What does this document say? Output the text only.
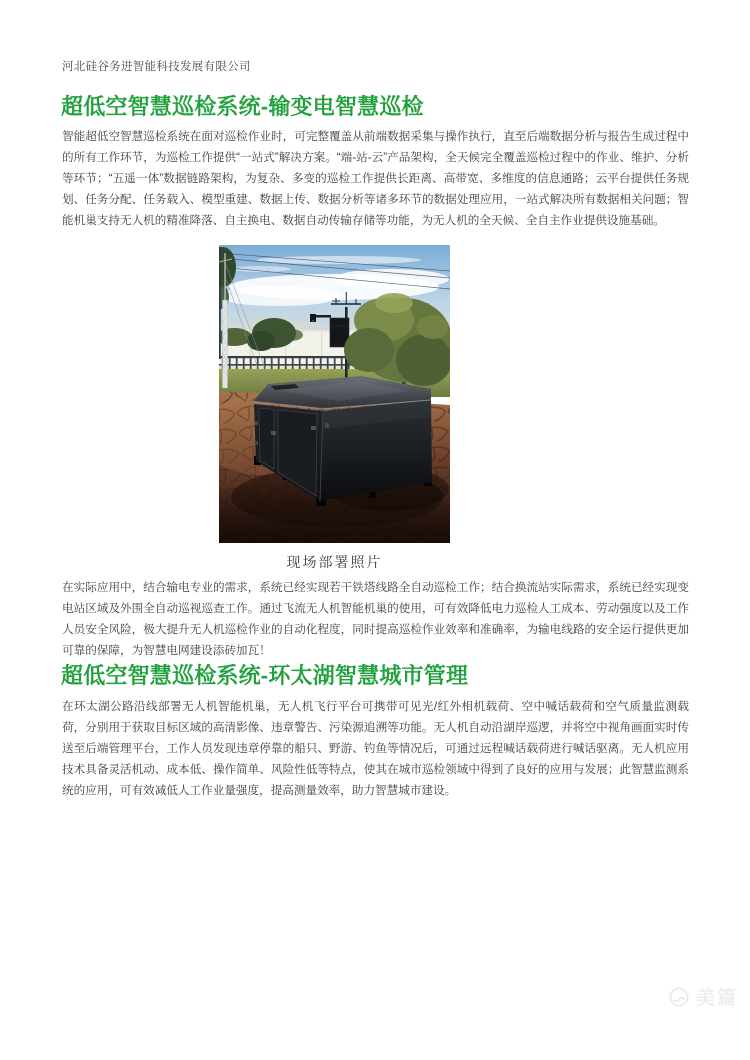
河北硅谷务进智能科技发展有限公司
超低空智慧巡检系统-输变电智慧巡检

智能超低空智慧巡检系统在面对巡检作业时，可完整覆盖从前端数据采集与操作执行，直至后端数据分析与报告生成过程中的所有工作环节，为巡检工作提供“一站式”解决方案。“端-站-云”产品架构，全天候完全覆盖巡检过程中的作业、维护、分析等环节；“五遥一体”数据链路架构，为复杂、多变的巡检工作提供长距离、高带宽、多维度的信息通路；云平台提供任务规划、任务分配、任务载入、模型重建、数据上传、数据分析等诸多环节的数据处理应用，一站式解决所有数据相关问题；智能机巢支持无人机的精准降落、自主换电、数据自动传输存储等功能，为无人机的全天候、全自主作业提供设施基础。

现场部署照片

在实际应用中，结合输电专业的需求，系统已经实现若干铁塔线路全自动巡检工作；结合换流站实际需求，系统已经实现变电站区域及外围全自动巡视巡查工作。通过飞流无人机智能机巢的使用，可有效降低电力巡检人工成本、劳动强度以及工作人员安全风险，极大提升无人机巡检作业的自动化程度，同时提高巡检作业效率和准确率，为输电线路的安全运行提供更加可靠的保障，为智慧电网建设添砖加瓦！

超低空智慧巡检系统-环太湖智慧城市管理

在环太湖公路沿线部署无人机智能机巢，无人机飞行平台可携带可见光/红外相机载荷、空中喊话载荷和空气质量监测载荷，分别用于获取目标区域的高清影像、违章警告、污染源追溯等功能。无人机自动沿湖岸巡逻，并将空中视角画面实时传送至后端管理平台，工作人员发现违章停靠的船只、野游、钓鱼等情况后，可通过远程喊话载荷进行喊话驱离。无人机应用技术具备灵活机动、成本低、操作简单、风险性低等特点，使其在城市巡检领域中得到了良好的应用与发展；此智慧监测系统的应用，可有效减低人工作业量强度，提高测量效率，助力智慧城市建设。

美篇
